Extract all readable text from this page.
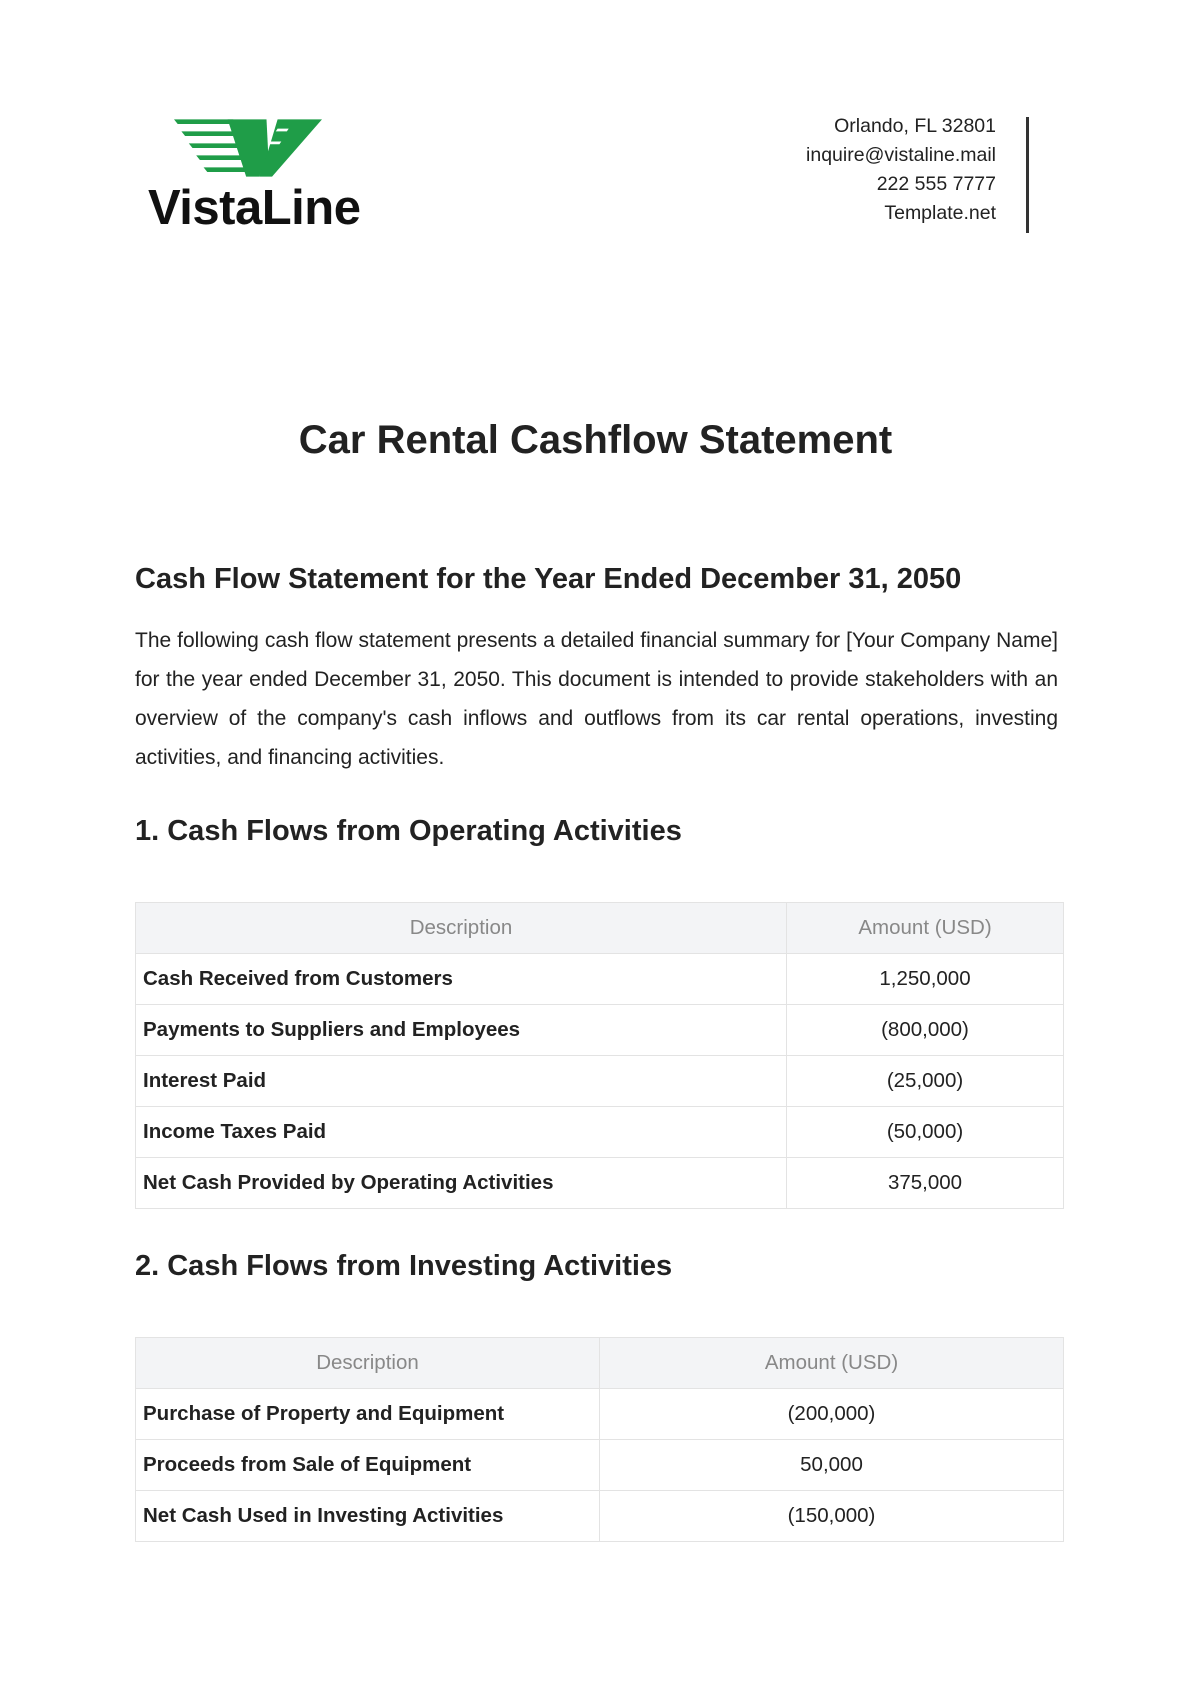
VistaLine
Orlando, FL 32801
inquire@vistaline.mail
222 555 7777
Template.net
Car Rental Cashflow Statement
Cash Flow Statement for the Year Ended December 31, 2050

The following cash flow statement presents a detailed financial summary for [Your Company Name] for the year ended December 31, 2050. This document is intended to provide stakeholders with an overview of the company's cash inflows and outflows from its car rental operations, investing activities, and financing activities.

1. Cash Flows from Operating Activities
Description	Amount (USD)
Cash Received from Customers	1,250,000
Payments to Suppliers and Employees	(800,000)
Interest Paid	(25,000)
Income Taxes Paid	(50,000)
Net Cash Provided by Operating Activities	375,000
2. Cash Flows from Investing Activities
Description	Amount (USD)
Purchase of Property and Equipment	(200,000)
Proceeds from Sale of Equipment	50,000
Net Cash Used in Investing Activities	(150,000)
